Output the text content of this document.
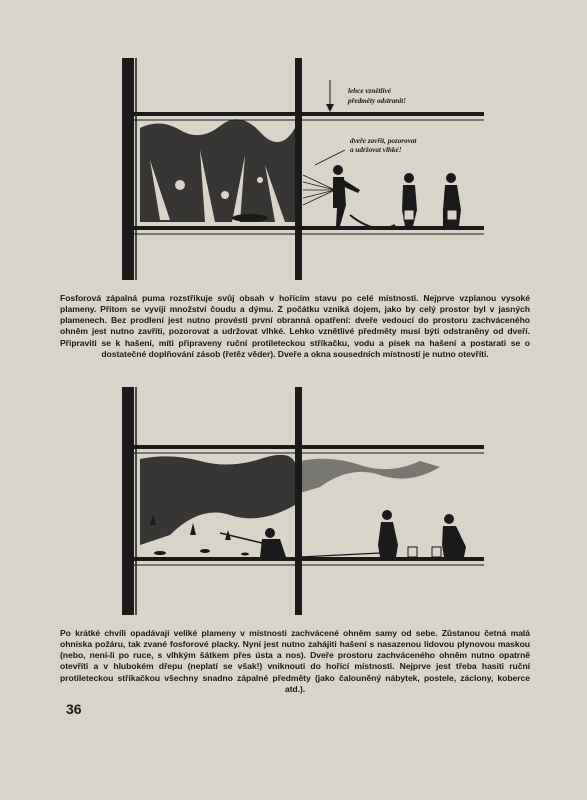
lehce vznětlivé
předměty odstranit!
dveře zavřít, pozorovat
a udržovat vlhké!

Fosforová zápalná puma rozstřikuje svůj obsah v hořícím stavu po celé místnosti. Nejprve vzplanou vysoké plameny. Přitom se vyvíjí množství čoudu a dýmu. Z počátku vzniká dojem, jako by celý prostor byl v jasných plamenech. Bez prodlení jest nutno provésti první obranná opatření: dveře vedoucí do prostoru zachváceného ohněm jest nutno zavříti, pozorovat a udržovat vlhké. Lehko vznětlivé předměty musí býti odstraněny od dveří. Připraviti se k hašení, míti připraveny ruční protileteckou stříkačku, vodu a písek na hašení a postarati se o dostatečné doplňování zásob (řetěz věder). Dveře a okna sousedních místností je nutno otevříti.

Po krátké chvíli opadávají veliké plameny v místnosti zachvácené ohněm samy od sebe. Zůstanou četná malá ohniska požáru, tak zvané fosforové placky. Nyní jest nutno zahájiti hašení s nasazenou lidovou plynovou maskou (nebo, není-li po ruce, s vlhkým šátkem přes ústa a nos). Dveře prostoru zachváceného ohněm nutno opatrně otevříti a v hlubokém dřepu (neplatí se však!) vniknouti do hořící místnosti. Nejprve jest třeba hasiti ruční protileteckou stříkačkou všechny snadno zápalné předměty (jako čalouněný nábytek, postele, záclony, koberce atd.).

36
